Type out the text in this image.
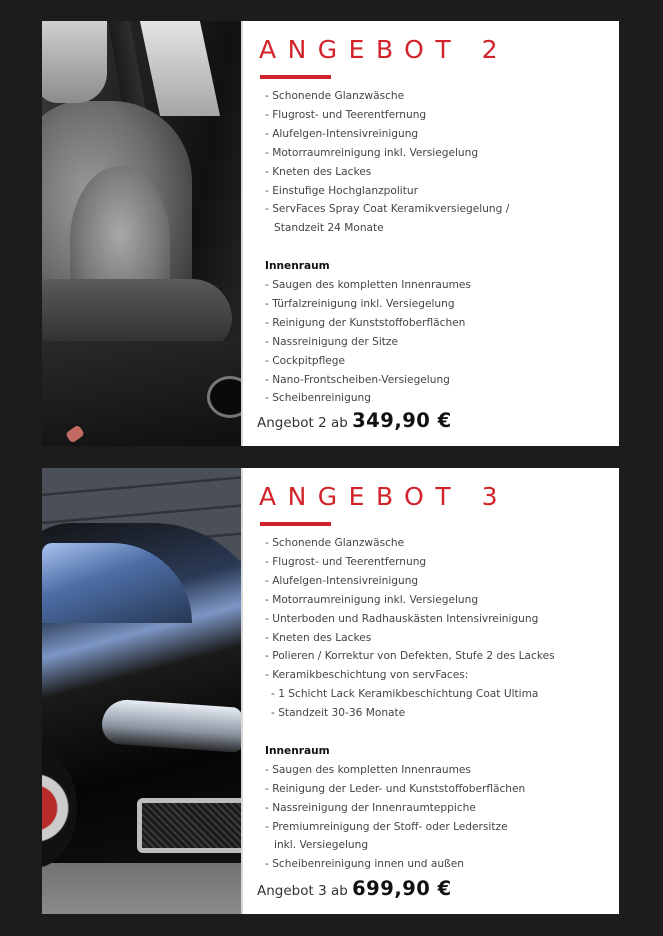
ANGEBOT 2
- Schonende Glanzwäsche
- Flugrost- und Teerentfernung
- Alufelgen-Intensivreinigung
- Motorraumreinigung inkl. Versiegelung
- Kneten des Lackes
- Einstufige Hochglanzpolitur
- ServFaces Spray Coat Keramikversiegelung /
Standzeit 24 Monate
Innenraum
- Saugen des kompletten Innenraumes
- Türfalzreinigung inkl. Versiegelung
- Reinigung der Kunststoffoberflächen
- Nassreinigung der Sitze
- Cockpitpflege
- Nano-Frontscheiben-Versiegelung
- Scheibenreinigung
Angebot 2 ab 349,90 €
ANGEBOT 3
- Schonende Glanzwäsche
- Flugrost- und Teerentfernung
- Alufelgen-Intensivreinigung
- Motorraumreinigung inkl. Versiegelung
- Unterboden und Radhauskästen Intensivreinigung
- Kneten des Lackes
- Polieren / Korrektur von Defekten, Stufe 2 des Lackes
- Keramikbeschichtung von servFaces:
- 1 Schicht Lack Keramikbeschichtung Coat Ultima
- Standzeit 30-36 Monate
Innenraum
- Saugen des kompletten Innenraumes
- Reinigung der Leder- und Kunststoffoberflächen
- Nassreinigung der Innenraumteppiche
- Premiumreinigung der Stoff- oder Ledersitze
inkl. Versiegelung
- Scheibenreinigung innen und außen
Angebot 3 ab 699,90 €
